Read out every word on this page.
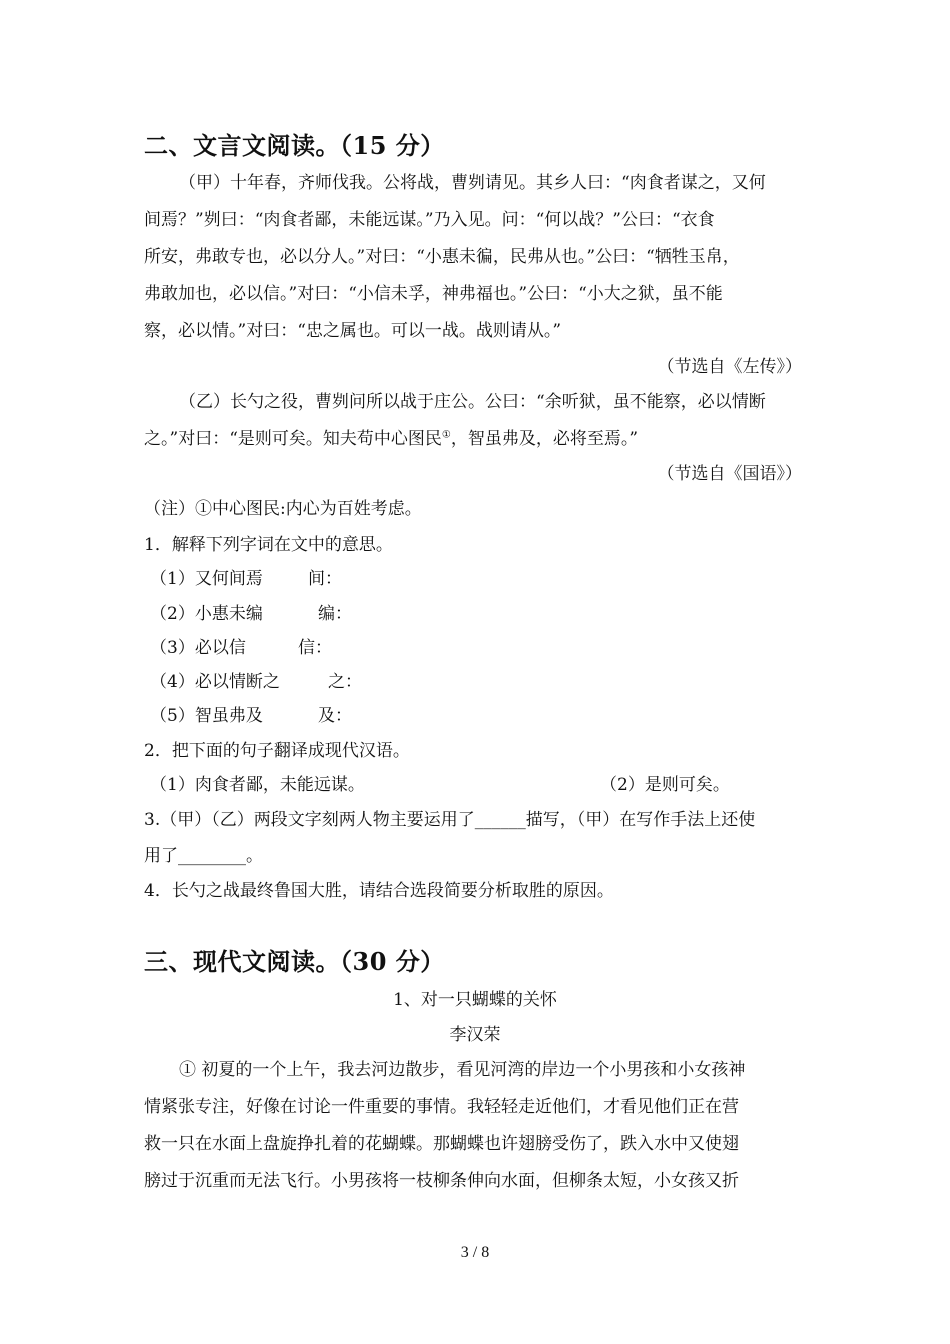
二、文言文阅读。（15 分）
（甲）十年春，齐师伐我。公将战，曹刿请见。其乡人曰：“肉食者谋之，又何
间焉？”刿曰：“肉食者鄙，未能远谋。”乃入见。问：“何以战？”公曰：“衣食
所安，弗敢专也，必以分人。”对曰：“小惠未徧，民弗从也。”公曰：“牺牲玉帛，
弗敢加也，必以信。”对曰：“小信未孚，神弗福也。”公曰：“小大之狱，虽不能
察，必以情。”对曰：“忠之属也。可以一战。战则请从。”
（节选自《左传》）
（乙）长勺之役，曹刿问所以战于庄公。公曰：“余听狱，虽不能察，必以情断
之。”对曰：“是则可矣。知夫苟中心图民①，智虽弗及，必将至焉。”
（节选自《国语》）
（注）①中心图民:内心为百姓考虑。
1．解释下列字词在文中的意思。
（1）又何间焉	间：
（2）小惠未编	编：
（3）必以信	信：
（4）必以情断之	之：
（5）智虽弗及	及：
2．把下面的句子翻译成现代汉语。
（1）肉食者鄙，未能远谋。	（2）是则可矣。
3.（甲）（乙）两段文字刻两人物主要运用了______描写，（甲）在写作手法上还使
用了________。
4．长勺之战最终鲁国大胜，请结合选段简要分析取胜的原因。
三、现代文阅读。（30 分）
1、对一只蝴蝶的关怀
李汉荣
① 初夏的一个上午，我去河边散步，看见河湾的岸边一个小男孩和小女孩神
情紧张专注，好像在讨论一件重要的事情。我轻轻走近他们，才看见他们正在营
救一只在水面上盘旋挣扎着的花蝴蝶。那蝴蝶也许翅膀受伤了，跌入水中又使翅
膀过于沉重而无法飞行。小男孩将一枝柳条伸向水面，但柳条太短，小女孩又折
3 / 8
